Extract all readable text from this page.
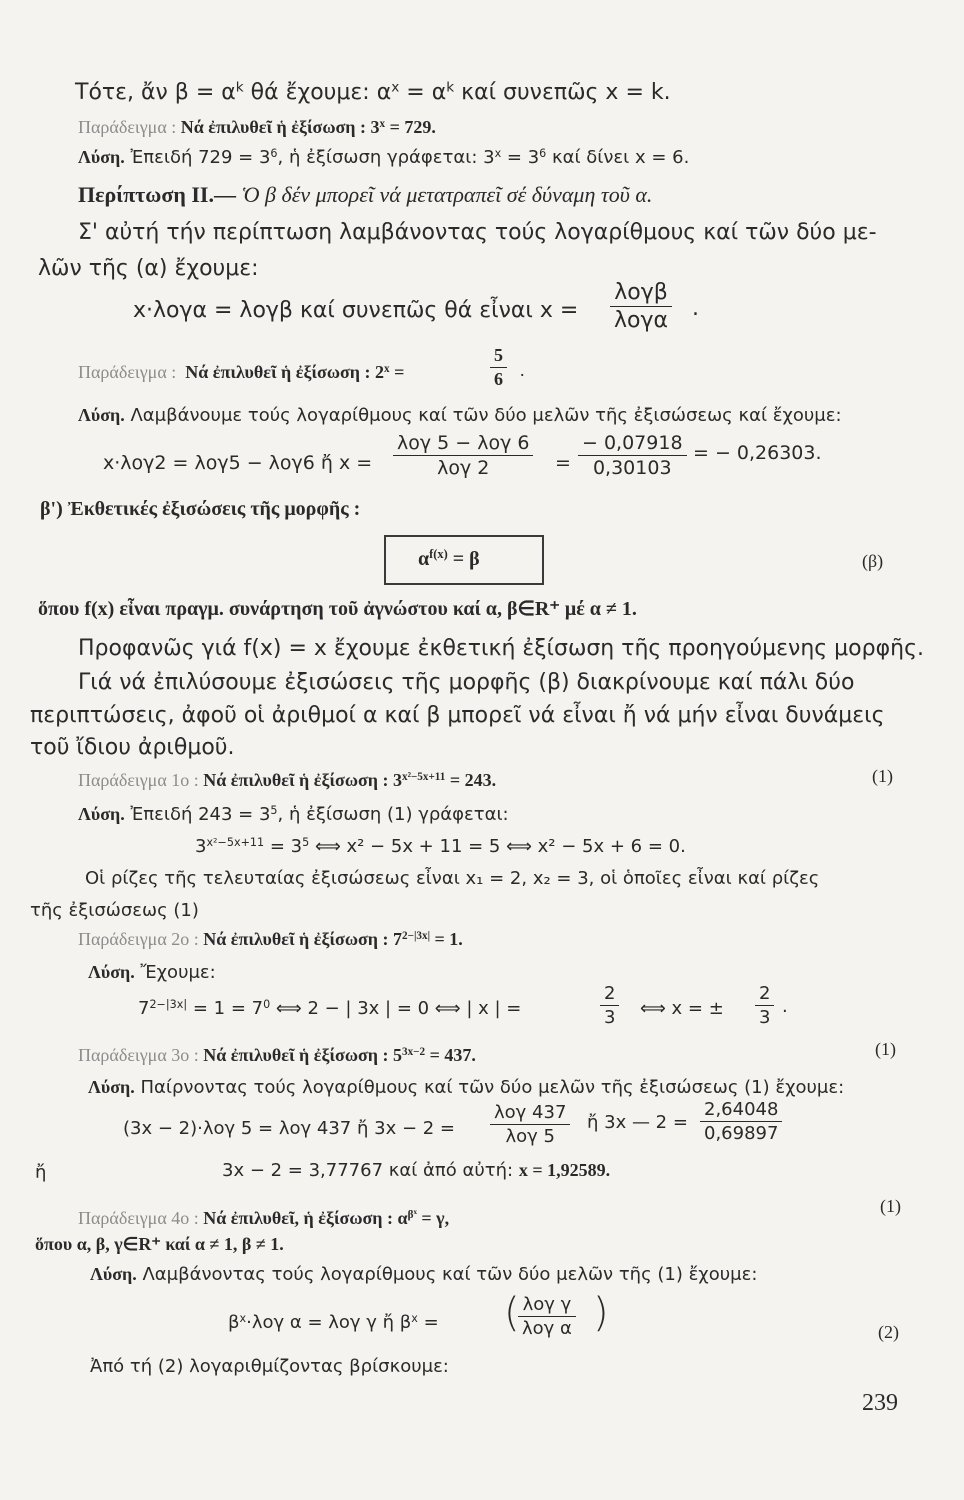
Τότε, ἄν $\beta = \alpha^k$ θά ἔχουμε: $\alpha^x = \alpha^k$ καί συνεπῶς x = k.
Παράδειγμα : Νά ἐπιλυθεῖ ἡ ἐξίσωση : $3^x = 729$.
Λύση. Ἐπειδή $729 = 3^6$, ἡ ἐξίσωση γράφεται: $3^x = 3^6$ καί δίνει x = 6.
Περίπτωση II.— Ὁ β δέν μπορεῖ νά μετατραπεῖ σέ δύναμη τοῦ α.
Σ' αὐτή τήν περίπτωση λαμβάνοντας τούς λογαρίθμους καί τῶν δύο με-
λῶν τῆς (α) ἔχουμε:
x·λογα = λογβ καί συνεπῶς θά εἶναι x =
λογβ
λογα .
Παράδειγμα : Νά ἐπιλυθεῖ ἡ ἐξίσωση : $2^x$ =
5
6 .
Λύση. Λαμβάνουμε τούς λογαρίθμους καί τῶν δύο μελῶν τῆς ἐξισώσεως καί ἔχουμε:
x·λογ2 = λογ5 − λογ6 ἤ x =
λογ 5 − λογ 6
λογ 2	=
− 0,07918
0,30103
= − 0,26303.
β') Ἐκθετικές ἐξισώσεις τῆς μορφῆς :
$\alpha^{f(x)} = \beta$	(β)
ὅπου f(x) εἶναι πραγμ. συνάρτηση τοῦ ἀγνώστου καί α, β∈R⁺ μέ α ≠ 1.
Προφανῶς γιά f(x) = x ἔχουμε ἐκθετική ἐξίσωση τῆς προηγούμενης μορφῆς.
Γιά νά ἐπιλύσουμε ἐξισώσεις τῆς μορφῆς (β) διακρίνουμε καί πάλι δύο
περιπτώσεις, ἀφοῦ οἱ ἀριθμοί α καί β μπορεῖ νά εἶναι ἤ νά μήν εἶναι δυνάμεις
τοῦ ἴδιου ἀριθμοῦ.
Παράδειγμα 1ο : Νά ἐπιλυθεῖ ἡ ἐξίσωση : $3^{x^2-5x+11} = 243$.	(1)
Λύση. Ἐπειδή $243 = 3^5$, ἡ ἐξίσωση (1) γράφεται:
$3^{x^2-5x+11} = 3^5$ ⟺ x² − 5x + 11 = 5 ⟺ x² − 5x + 6 = 0.
Οἱ ρίζες τῆς τελευταίας ἐξισώσεως εἶναι x₁ = 2, x₂ = 3, οἱ ὁποῖες εἶναι καί ρίζες
τῆς ἐξισώσεως (1)
Παράδειγμα 2ο : Νά ἐπιλυθεῖ ἡ ἐξίσωση : $7^{2-|3x|} = 1$.
Λύση. Ἔχουμε:
$7^{2-|3x|} = 1 = 7^0$ ⟺ 2 − | 3x | = 0 ⟺ | x | =
2
3 ⟺ x = ±
2
3
.
Παράδειγμα 3ο : Νά ἐπιλυθεῖ ἡ ἐξίσωση : $5^{3x-2} = 437$.	(1)
Λύση. Παίρνοντας τούς λογαρίθμους καί τῶν δύο μελῶν τῆς ἐξισώσεως (1) ἔχουμε:
(3x − 2)·λογ 5 = λογ 437 ἤ 3x − 2 =
λογ 437
λογ 5
ἤ 3x — 2 =
2,64048
0,69897
ἤ	3x − 2 = 3,77767 καί ἀπό αὐτή: x = 1,92589.
Παράδειγμα 4ο : Νά ἐπιλυθεῖ, ἡ ἐξίσωση : $\alpha^{\beta^x} = \gamma$,
(1)
ὅπου α, β, γ∈R⁺ καί α ≠ 1, β ≠ 1.
Λύση. Λαμβάνοντας τούς λογαρίθμους καί τῶν δύο μελῶν τῆς (1) ἔχουμε:
$\beta^x\cdot\lambda o\gamma$ α = λογ γ ἤ $\beta^x$ = ( λογ γ
λογ α )	(2)
Ἀπό τή (2) λογαριθμίζοντας βρίσκουμε:
239
